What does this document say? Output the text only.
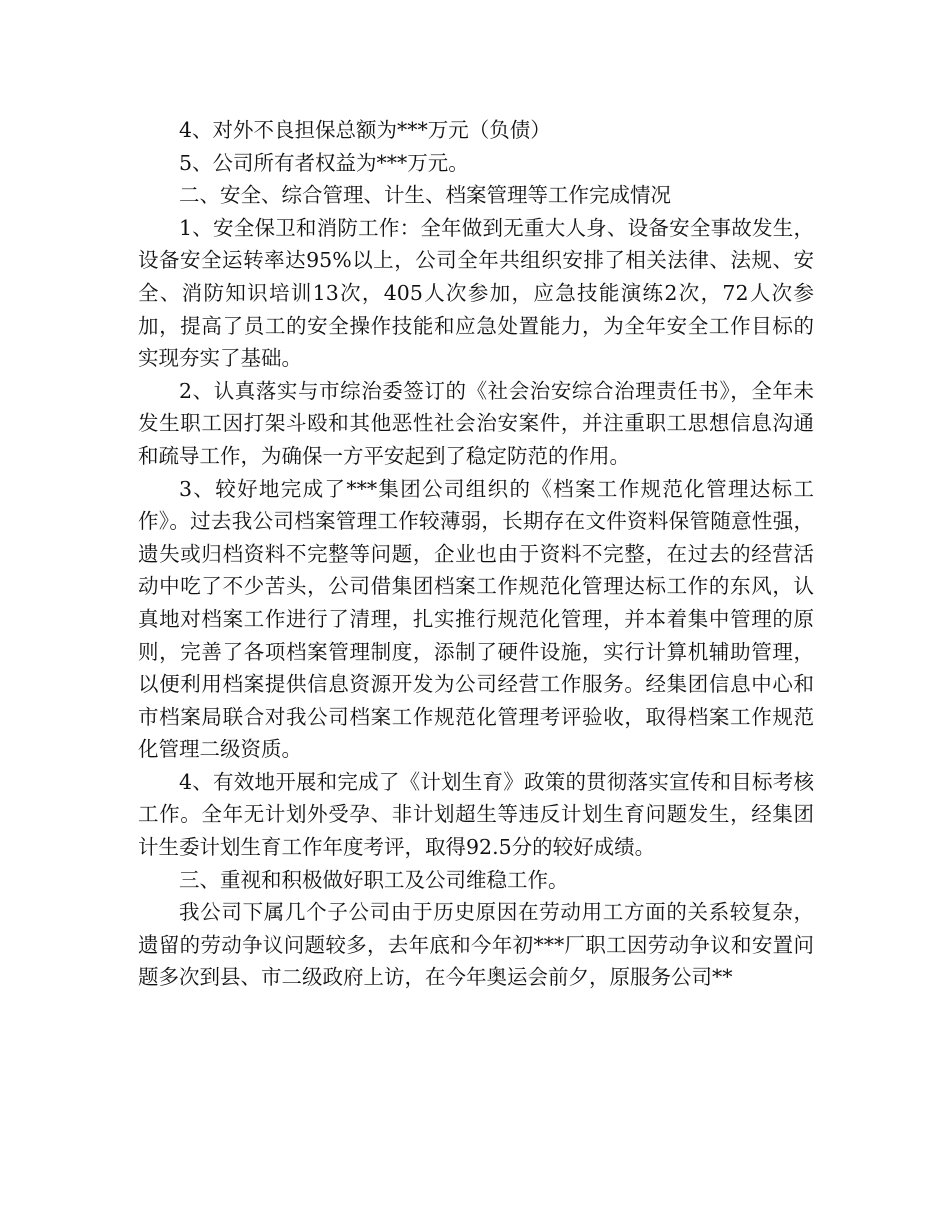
4、对外不良担保总额为***万元（负债）

5、公司所有者权益为***万元。

二、安全、综合管理、计生、档案管理等工作完成情况

1、安全保卫和消防工作：全年做到无重大人身、设备安全事故发生，设备安全运转率达95%以上，公司全年共组织安排了相关法律、法规、安全、消防知识培训13次，405人次参加，应急技能演练2次，72人次参加，提高了员工的安全操作技能和应急处置能力，为全年安全工作目标的实现夯实了基础。

2、认真落实与市综治委签订的《社会治安综合治理责任书》，全年未发生职工因打架斗殴和其他恶性社会治安案件，并注重职工思想信息沟通和疏导工作，为确保一方平安起到了稳定防范的作用。

3、较好地完成了***集团公司组织的《档案工作规范化管理达标工作》。过去我公司档案管理工作较薄弱，长期存在文件资料保管随意性强，遗失或归档资料不完整等问题，企业也由于资料不完整，在过去的经营活动中吃了不少苦头，公司借集团档案工作规范化管理达标工作的东风，认真地对档案工作进行了清理，扎实推行规范化管理，并本着集中管理的原则，完善了各项档案管理制度，添制了硬件设施，实行计算机辅助管理，以便利用档案提供信息资源开发为公司经营工作服务。经集团信息中心和市档案局联合对我公司档案工作规范化管理考评验收，取得档案工作规范化管理二级资质。

4、有效地开展和完成了《计划生育》政策的贯彻落实宣传和目标考核工作。全年无计划外受孕、非计划超生等违反计划生育问题发生，经集团计生委计划生育工作年度考评，取得92.5分的较好成绩。

三、重视和积极做好职工及公司维稳工作。

我公司下属几个子公司由于历史原因在劳动用工方面的关系较复杂，遗留的劳动争议问题较多，去年底和今年初***厂职工因劳动争议和安置问题多次到县、市二级政府上访，在今年奥运会前夕，原服务公司**
